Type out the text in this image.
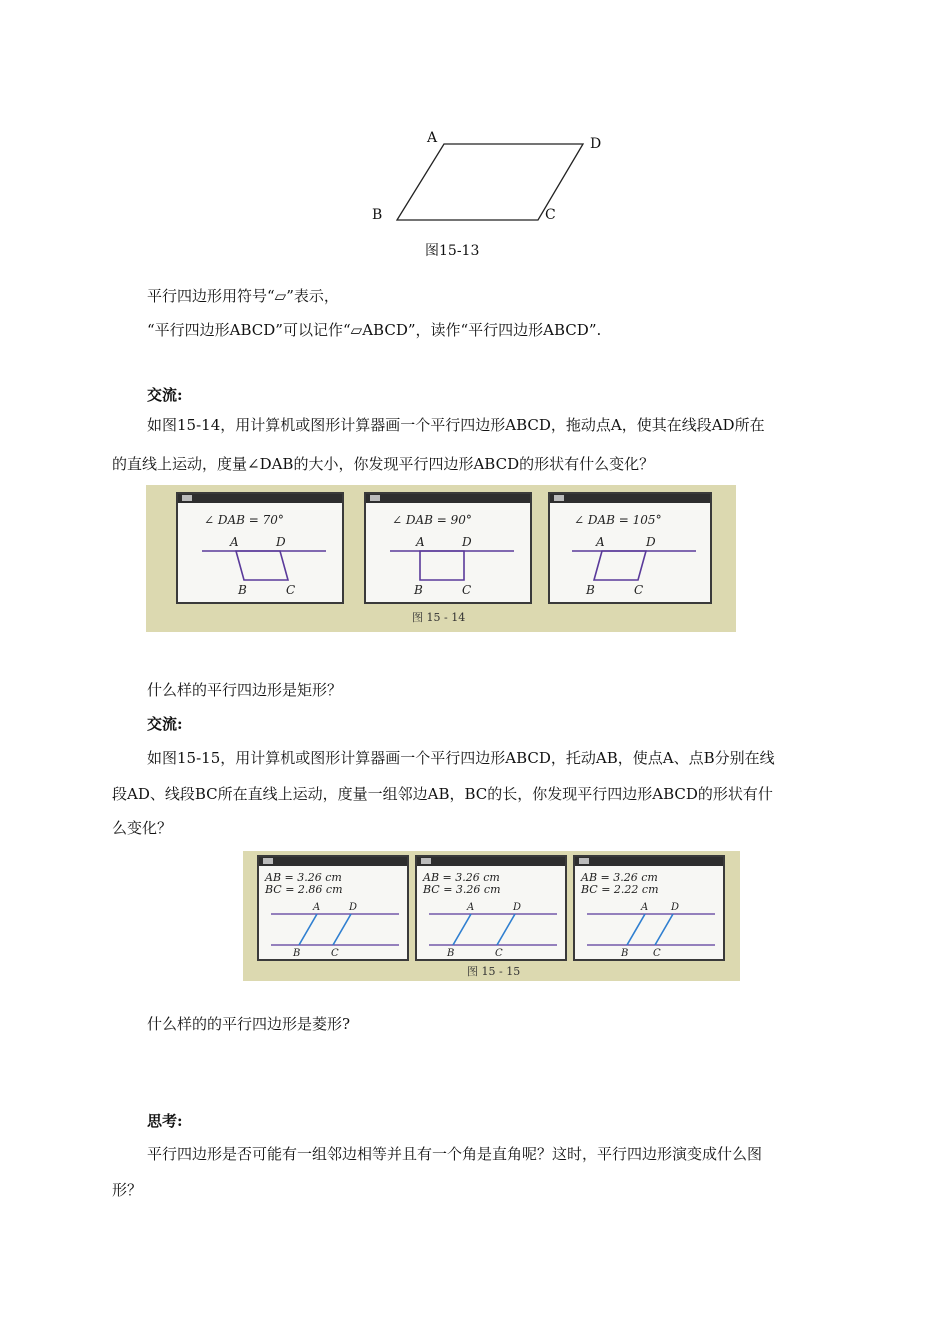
A	D
B	C
图15-13
平行四边形用符号“▱”表示，
“平行四边形ABCD”可以记作“▱ABCD”，读作“平行四边形ABCD”.
交流:
如图15-14，用计算机或图形计算器画一个平行四边形ABCD，拖动点A，使其在线段AD所在
的直线上运动，度量∠DAB的大小，你发现平行四边形ABCD的形状有什么变化？
∠ DAB = 70°
A	D
B	C
∠ DAB = 90°
A	D
B	C
∠ DAB = 105°
A	D
B	C
图 15 - 14
什么样的平行四边形是矩形？
交流:
如图15-15，用计算机或图形计算器画一个平行四边形ABCD，托动AB，使点A、点B分别在线
段AD、线段BC所在直线上运动，度量一组邻边AB，BC的长，你发现平行四边形ABCD的形状有什
么变化？
AB = 3.26 cm
BC = 2.86 cm
A	D
B	C
AB = 3.26 cm
BC = 3.26 cm
A	D
B	C
AB = 3.26 cm
BC = 2.22 cm
A D
B C
图 15 - 15
什么样的的平行四边形是菱形?
思考:
平行四边形是否可能有一组邻边相等并且有一个角是直角呢？这时，平行四边形演变成什么图
形？
